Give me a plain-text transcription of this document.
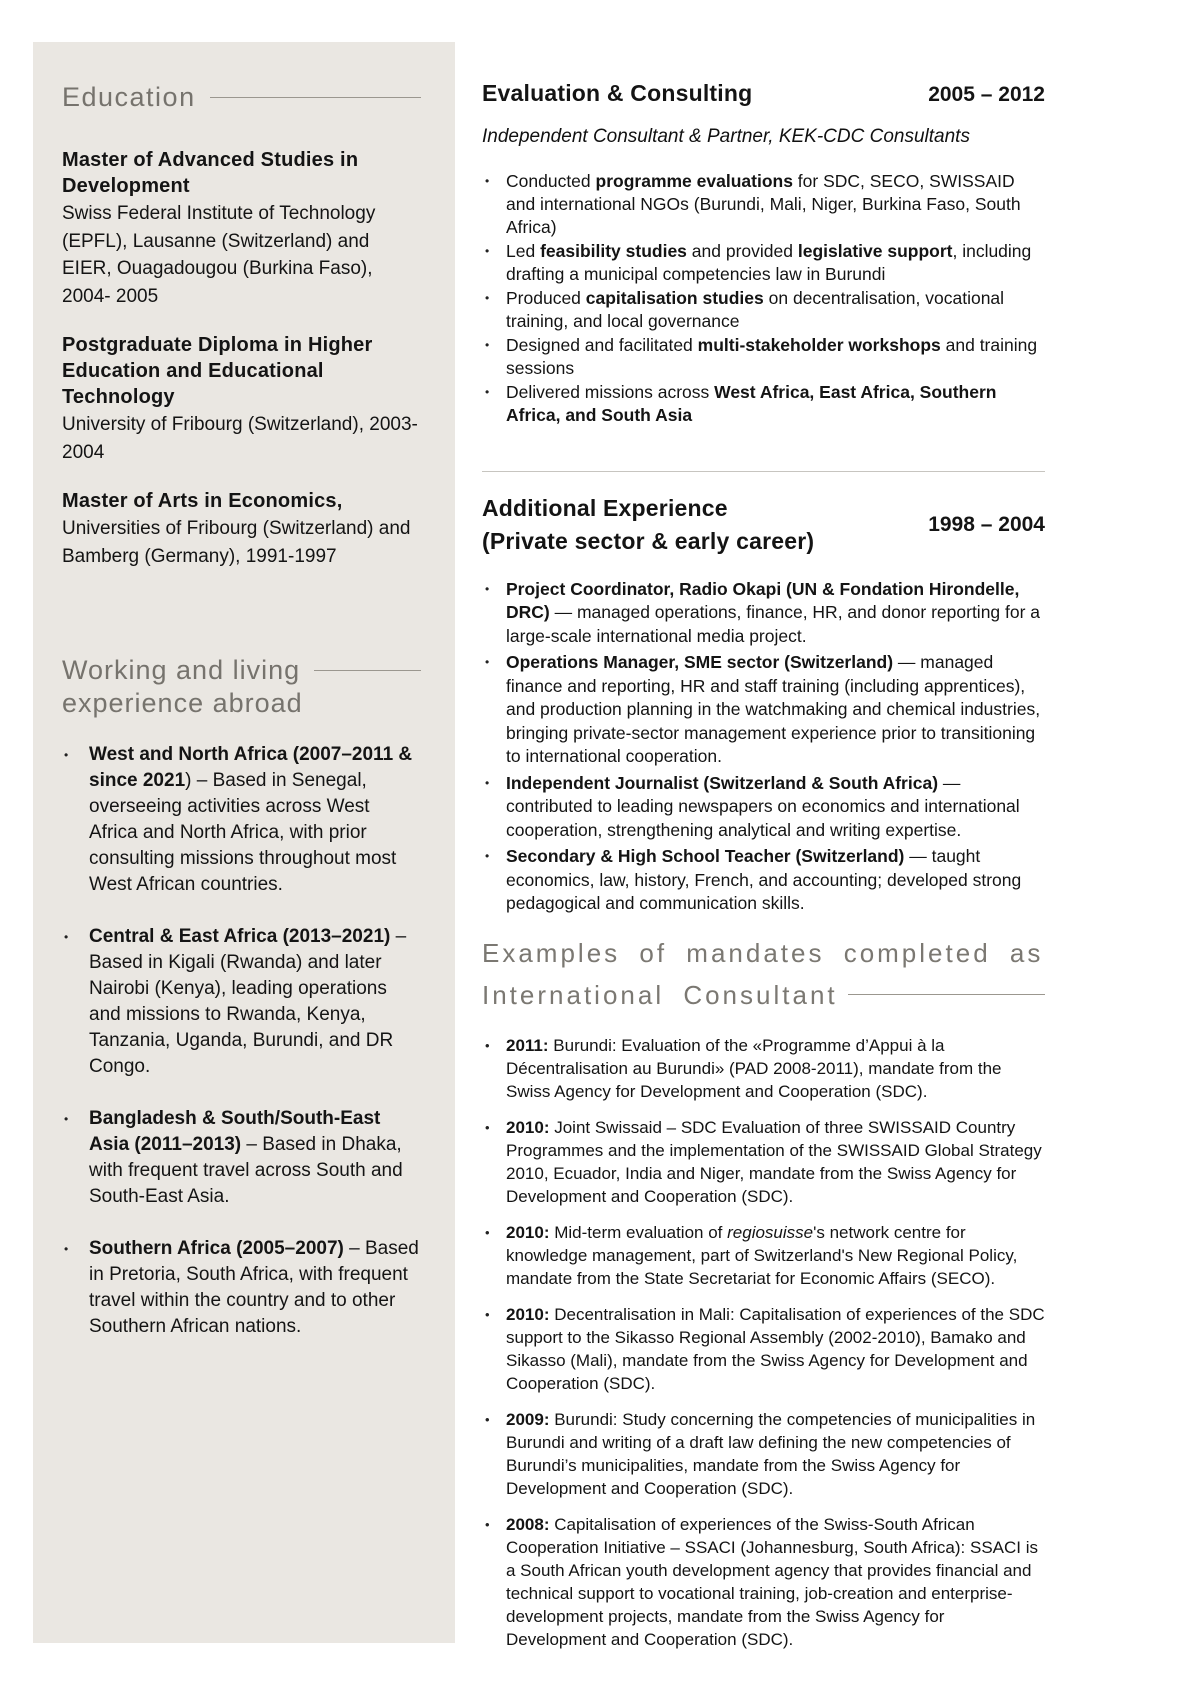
Education
Master of Advanced Studies in Development
Swiss Federal Institute of Technology (EPFL), Lausanne (Switzerland) and EIER, Ouagadougou (Burkina Faso), 2004- 2005
Postgraduate Diploma in Higher Education and Educational Technology
University of Fribourg (Switzerland), 2003-2004
Master of Arts in Economics,
Universities of Fribourg (Switzerland) and Bamberg (Germany), 1991-1997
Working and living
experience abroad
• West and North Africa (2007–2011 & since 2021) – Based in Senegal, overseeing activities across West Africa and North Africa, with prior consulting missions throughout most West African countries.
• Central & East Africa (2013–2021) – Based in Kigali (Rwanda) and later Nairobi (Kenya), leading operations and missions to Rwanda, Kenya, Tanzania, Uganda, Burundi, and DR Congo.
• Bangladesh & South/South-East Asia (2011–2013) – Based in Dhaka, with frequent travel across South and South-East Asia.
• Southern Africa (2005–2007) – Based in Pretoria, South Africa, with frequent travel within the country and to other Southern African nations.
Evaluation & Consulting	2005 – 2012
Independent Consultant & Partner, KEK-CDC Consultants
• Conducted programme evaluations for SDC, SECO, SWISSAID and international NGOs (Burundi, Mali, Niger, Burkina Faso, South Africa)
• Led feasibility studies and provided legislative support, including drafting a municipal competencies law in Burundi
• Produced capitalisation studies on decentralisation, vocational training, and local governance
• Designed and facilitated multi-stakeholder workshops and training sessions
• Delivered missions across West Africa, East Africa, Southern Africa, and South Asia
Additional Experience
(Private sector & early career)
1998 – 2004
• Project Coordinator, Radio Okapi (UN & Fondation Hirondelle, DRC) — managed operations, finance, HR, and donor reporting for a large-scale international media project.
• Operations Manager, SME sector (Switzerland) — managed finance and reporting, HR and staff training (including apprentices), and production planning in the watchmaking and chemical industries, bringing private-sector management experience prior to transitioning to international cooperation.
• Independent Journalist (Switzerland & South Africa) — contributed to leading newspapers on economics and international cooperation, strengthening analytical and writing expertise.
• Secondary & High School Teacher (Switzerland) — taught economics, law, history, French, and accounting; developed strong pedagogical and communication skills.
Examples of mandates completed as
International Consultant
• 2011: Burundi: Evaluation of the «Programme d’Appui à la Décentralisation au Burundi» (PAD 2008-2011), mandate from the Swiss Agency for Development and Cooperation (SDC).
• 2010: Joint Swissaid – SDC Evaluation of three SWISSAID Country Programmes and the implementation of the SWISSAID Global Strategy 2010, Ecuador, India and Niger, mandate from the Swiss Agency for Development and Cooperation (SDC).
• 2010: Mid-term evaluation of regiosuisse's network centre for knowledge management, part of Switzerland's New Regional Policy, mandate from the State Secretariat for Economic Affairs (SECO).
• 2010: Decentralisation in Mali: Capitalisation of experiences of the SDC support to the Sikasso Regional Assembly (2002-2010), Bamako and Sikasso (Mali), mandate from the Swiss Agency for Development and Cooperation (SDC).
• 2009: Burundi: Study concerning the competencies of municipalities in Burundi and writing of a draft law defining the new competencies of Burundi’s municipalities, mandate from the Swiss Agency for Development and Cooperation (SDC).
• 2008: Capitalisation of experiences of the Swiss-South African Cooperation Initiative – SSACI (Johannesburg, South Africa): SSACI is a South African youth development agency that provides financial and technical support to vocational training, job-creation and enterprise-development projects, mandate from the Swiss Agency for Development and Cooperation (SDC).
